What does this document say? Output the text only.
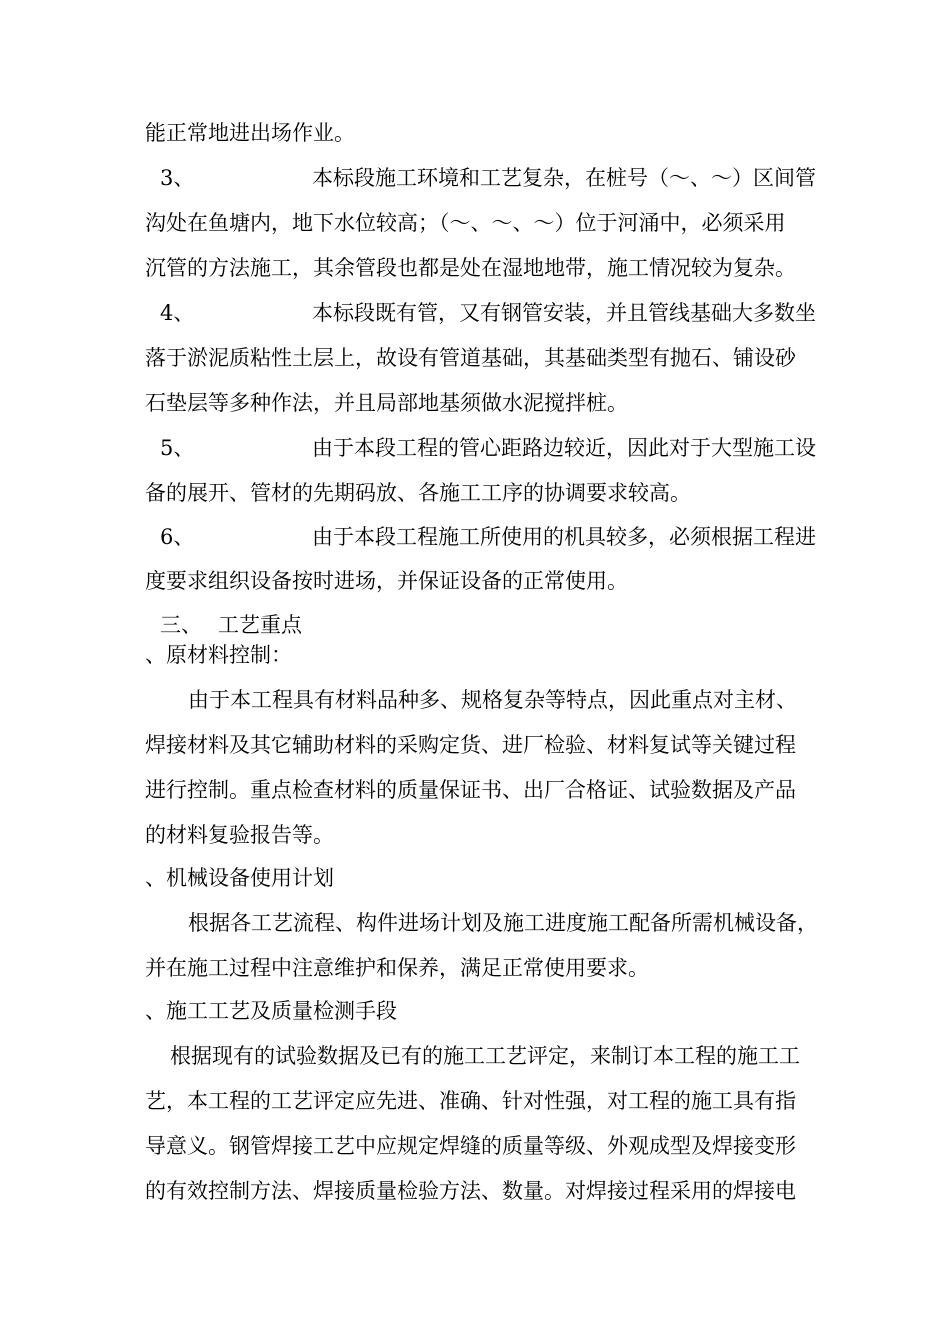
能正常地进出场作业。
3、	本标段施工环境和工艺复杂，在桩号（～、～）区间管
沟处在鱼塘内，地下水位较高；（～、～、～）位于河涌中，必须采用
沉管的方法施工，其余管段也都是处在湿地地带，施工情况较为复杂。
4、	本标段既有管，又有钢管安装，并且管线基础大多数坐
落于淤泥质粘性土层上，故设有管道基础，其基础类型有抛石、铺设砂
石垫层等多种作法，并且局部地基须做水泥搅拌桩。
5、	由于本段工程的管心距路边较近，因此对于大型施工设
备的展开、管材的先期码放、各施工工序的协调要求较高。
6、	由于本段工程施工所使用的机具较多，必须根据工程进
度要求组织设备按时进场，并保证设备的正常使用。
三、 工艺重点
、原材料控制：
由于本工程具有材料品种多、规格复杂等特点，因此重点对主材、
焊接材料及其它辅助材料的采购定货、进厂检验、材料复试等关键过程
进行控制。重点检查材料的质量保证书、出厂合格证、试验数据及产品
的材料复验报告等。
、机械设备使用计划
根据各工艺流程、构件进场计划及施工进度施工配备所需机械设备，
并在施工过程中注意维护和保养，满足正常使用要求。
、施工工艺及质量检测手段
根据现有的试验数据及已有的施工工艺评定，来制订本工程的施工工
艺，本工程的工艺评定应先进、准确、针对性强，对工程的施工具有指
导意义。钢管焊接工艺中应规定焊缝的质量等级、外观成型及焊接变形
的有效控制方法、焊接质量检验方法、数量。对焊接过程采用的焊接电
